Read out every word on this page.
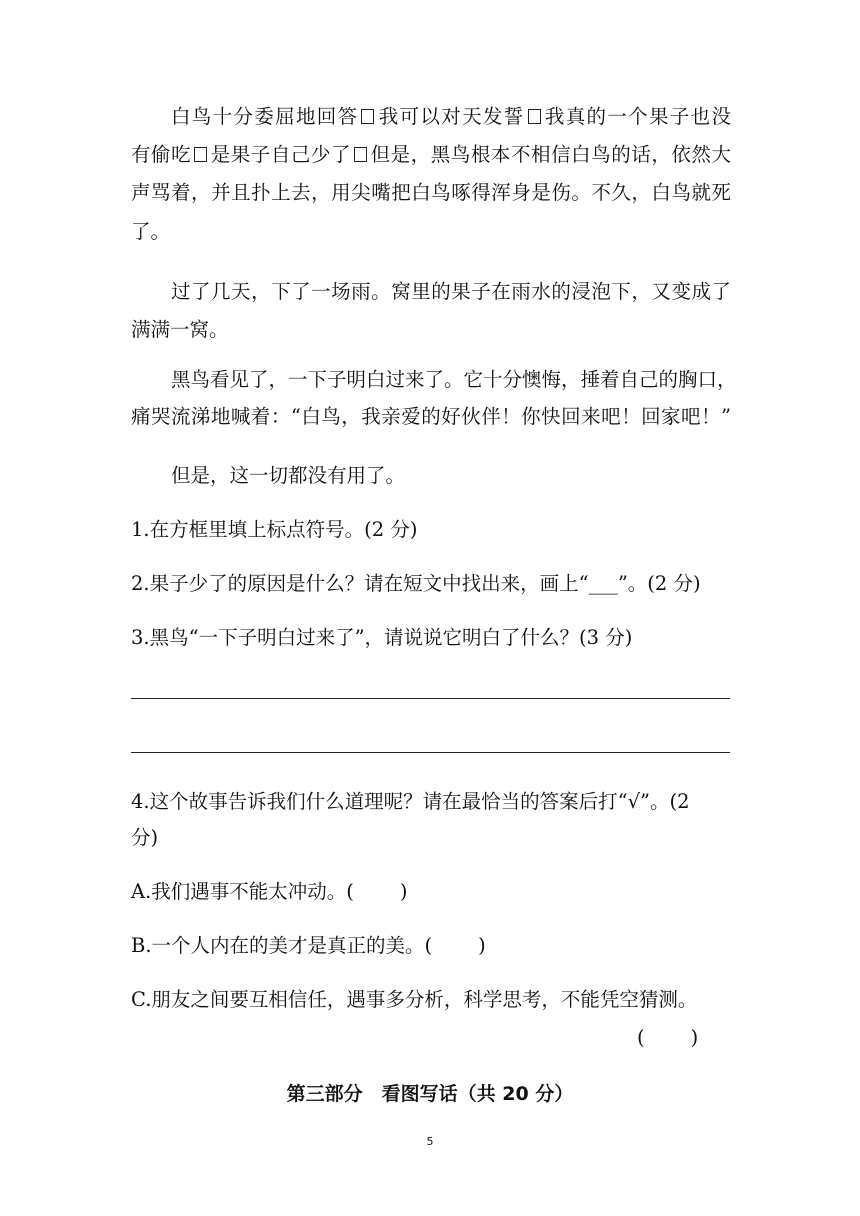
白鸟十分委屈地回答 我可以对天发誓 我真的一个果子也没
有偷吃 是果子自己少了 但是，黑鸟根本不相信白鸟的话，依然大
声骂着，并且扑上去，用尖嘴把白鸟啄得浑身是伤。不久，白鸟就死
了。
过了几天，下了一场雨。窝里的果子在雨水的浸泡下，又变成了
满满一窝。
黑鸟看见了，一下子明白过来了。它十分懊悔，捶着自己的胸口，
痛哭流涕地喊着：“白鸟，我亲爱的好伙伴！你快回来吧！回家吧！”
但是，这一切都没有用了。
1.在方框里填上标点符号。(2 分)
2.果子少了的原因是什么？请在短文中找出来，画上“___”。(2 分)
3.黑鸟“一下子明白过来了”，请说说它明白了什么？(3 分)
4.这个故事告诉我们什么道理呢？请在最恰当的答案后打“√”。(2
分)
A.我们遇事不能太冲动。( )
B.一个人内在的美才是真正的美。( )
C.朋友之间要互相信任，遇事多分析，科学思考，不能凭空猜测。
( )
第三部分　看图写话（共 20 分）
5
